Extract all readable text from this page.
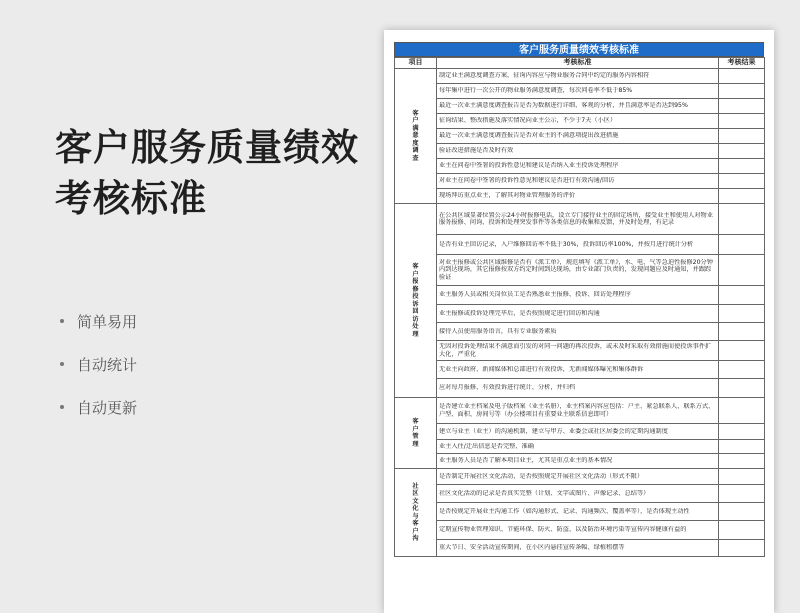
客户服务质量绩效考核标准
简单易用
自动统计
自动更新
客户服务质量绩效考核标准
项目	考核标准	考核结果

客户满意度调查	制定业主满意度调查方案，征询内容应与物业服务合同中约定的服务内容相符	

	每年集中进行一次公开的物业服务满意度调查，每次问卷率不低于85%	

	最近一次业主满意度调查报告是否为数据进行详细、客观的分析，并且满意率是否达到95%	

	征询结果、整改措施及落实情况向业主公示，不少于7天（小区）	

	最近一次业主满意度调查报告是否对业主的不满意项提出改进措施	

	验证改进措施是否及时有效	

	业主在问卷中签署的投诉性意见和建议是否纳入业主投诉处理程序	

	对业主在问卷中签署的投诉性意见和建议是否进行有效沟通/回访	

	现场拜访重点业主，了解其对物业管理服务的评价	

客户报修投诉回访处理	在公共区域显著位置公示24小时报修电话，设立专门接待业主的固定场所，接受业主和使用人对物业服务报修、问询、投诉和处理突发事件等各类信息的收集和反馈，并及时处理，有记录	

	是否有业主回访记录，入户维修回访率不低于30%，投诉回访率100%，并按月进行统计分析	

	对业主报修或公共区域维修是否有《派工单》，规范填写《派工单》，水、电、气等急迫性报修20分钟内到达现场，其它报修按双方约定时间到达现场，由专业部门负责的，发现问题应及时通知，并跟踪验证	

	业主服务人员或相关岗位员工是否熟悉业主报修、投诉、回访处理程序	

	业主报修或投诉处理完毕后，是否按照规定进行回访和沟通	

	接待人员使用服务语言，具有专业服务素质	

	无因对投诉处理结果不满意而引发的对同一问题的再次投诉，或未及时采取有效措施而使投诉事件扩大化，严重化	

	无业主向政府、新闻媒体和总部进行有效投诉，无新闻媒体曝光和集体群诉	

	应对每月报修、有效投诉进行统计、分析，并归档	

客户管理	是否建立业主档案及电子版档案（业主名册），业主档案内容应包括：户主、紧急联系人、联系方式、户型、面积、房间号等（办公楼项目有重要业主联系信息即可）	

	建立与业主（业主）的沟通机制，建立与甲方、业委会或社区居委会的定期沟通制度	

	业主入住/迁出信息是否完整、准确	

	业主服务人员是否了解本项目业主，尤其是重点业主的基本情况	

社区文化与客户沟	是否制定开展社区文化活动，是否按照规定开展社区文化活动（形式不限）	

	社区文化活动的记录是否真实完整（计划、文字或图片、声像记录、总结等）	

	是否按规定开展业主沟通工作（如沟通形式、记录、沟通频次、覆盖率等），是否体现主动性	

	定期宣传物业管理知识、节能环保、防火、防盗、以及防治环境污染等宣传内容健康有益的	

	重大节日、安全活动宣传期间，在小区内悬挂宣传条幅、绿植租摆等	
